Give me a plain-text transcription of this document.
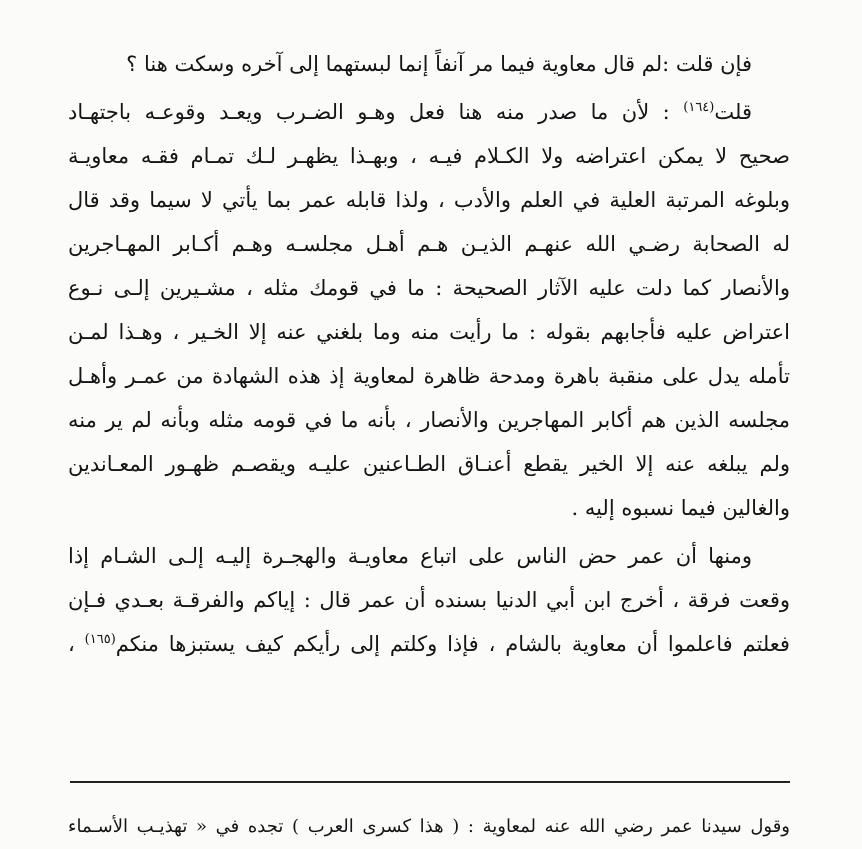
فإن قلت :لم قال معاوية فيما مر آنفاً إنما لبستهما إلى آخره وسكت هنا ؟
قلت$^{(١٦٤)}$ : لأن ما صدر منه هنا فعل وهـو الضـرب ويعـد وقوعـه باجتهـاد
صحيح لا يمكن اعتراضه ولا الكـلام فيـه ، وبهـذا يظهـر لـك تمـام فقـه معاويـة
وبلوغه المرتبة العلية في العلم والأدب ، ولذا قابله عمر بما يأتي لا سيما وقد قال
له الصحابة رضـي الله عنهـم الذيـن هـم أهـل مجلسـه وهـم أكـابر المهـاجرين
والأنصار كما دلت عليه الآثار الصحيحة : ما في قومك مثله ، مشـيرين إلـى نـوع
اعتراض عليه فأجابهم بقوله : ما رأيت منه وما بلغني عنه إلا الخـير ، وهـذا لمـن
تأمله يدل على منقبة باهرة ومدحة ظاهرة لمعاوية إذ هذه الشهادة من عمـر وأهـل
مجلسه الذين هم أكابر المهاجرين والأنصار ، بأنه ما في قومه مثله وبأنه لم ير منه
ولم يبلغه عنه إلا الخير يقطع أعنـاق الطـاعنين عليـه ويقصـم ظهـور المعـاندين
والغالين فيما نسبوه إليه .
ومنها أن عمر حض الناس على اتباع معاويـة والهجـرة إليـه إلـى الشـام إذا
وقعت فرقة ، أخرج ابن أبي الدنيا بسنده أن عمر قال : إياكم والفرقـة بعـدي فـإن
فعلتم فاعلموا أن معاوية بالشام ، فإذا وكلتم إلى رأيكم كيف يستبزها منكم$^{(١٦٥)}$ ،
وقول سيدنا عمر رضي الله عنه لمعاوية : ( هذا كسرى العرب ) تجده في « تهذيـب الأسـماء
